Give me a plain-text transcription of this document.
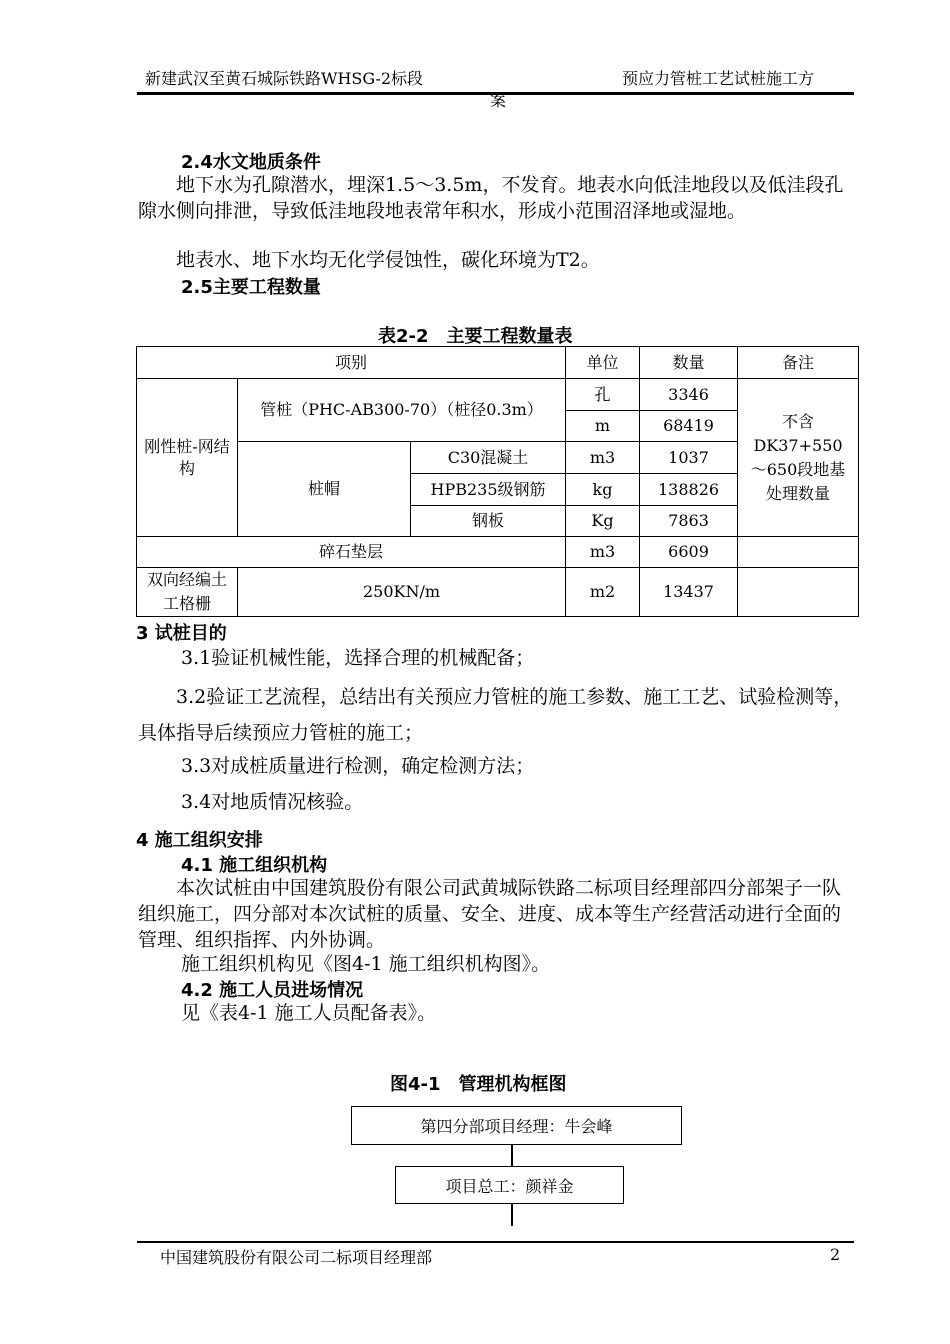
新建武汉至黄石城际铁路WHSG-2标段	预应力管桩工艺试桩施工方
案
2.4水文地质条件
地下水为孔隙潜水，埋深1.5～3.5m，不发育。地表水向低洼地段以及低洼段孔隙水侧向排泄，导致低洼地段地表常年积水，形成小范围沼泽地或湿地。
地表水、地下水均无化学侵蚀性，碳化环境为T2。
2.5主要工程数量
表2-2　主要工程数量表
项别			单位	数量	备注
刚性桩-网结构	管桩（PHC-AB300-70）（桩径0.3m）		孔	3346	不含DK37+550～650段地基处理数量
			m	68419	
	桩帽	C30混凝土	m3	1037	
		HPB235级钢筋	kg	138826	
		钢板	Kg	7863	
碎石垫层			m3	6609	
双向经编土工格栅	250KN/m		m2	13437	
3 试桩目的
3.1验证机械性能，选择合理的机械配备；
3.2验证工艺流程，总结出有关预应力管桩的施工参数、施工工艺、试验检测等，具体指导后续预应力管桩的施工；
3.3对成桩质量进行检测，确定检测方法；
3.4对地质情况核验。
4 施工组织安排
4.1 施工组织机构
本次试桩由中国建筑股份有限公司武黄城际铁路二标项目经理部四分部架子一队组织施工，四分部对本次试桩的质量、安全、进度、成本等生产经营活动进行全面的管理、组织指挥、内外协调。
施工组织机构见《图4-1 施工组织机构图》。
4.2 施工人员进场情况
见《表4-1 施工人员配备表》。
图4-1　管理机构框图
第四分部项目经理：牛会峰
项目总工：颜祥金
中国建筑股份有限公司二标项目经理部	2
